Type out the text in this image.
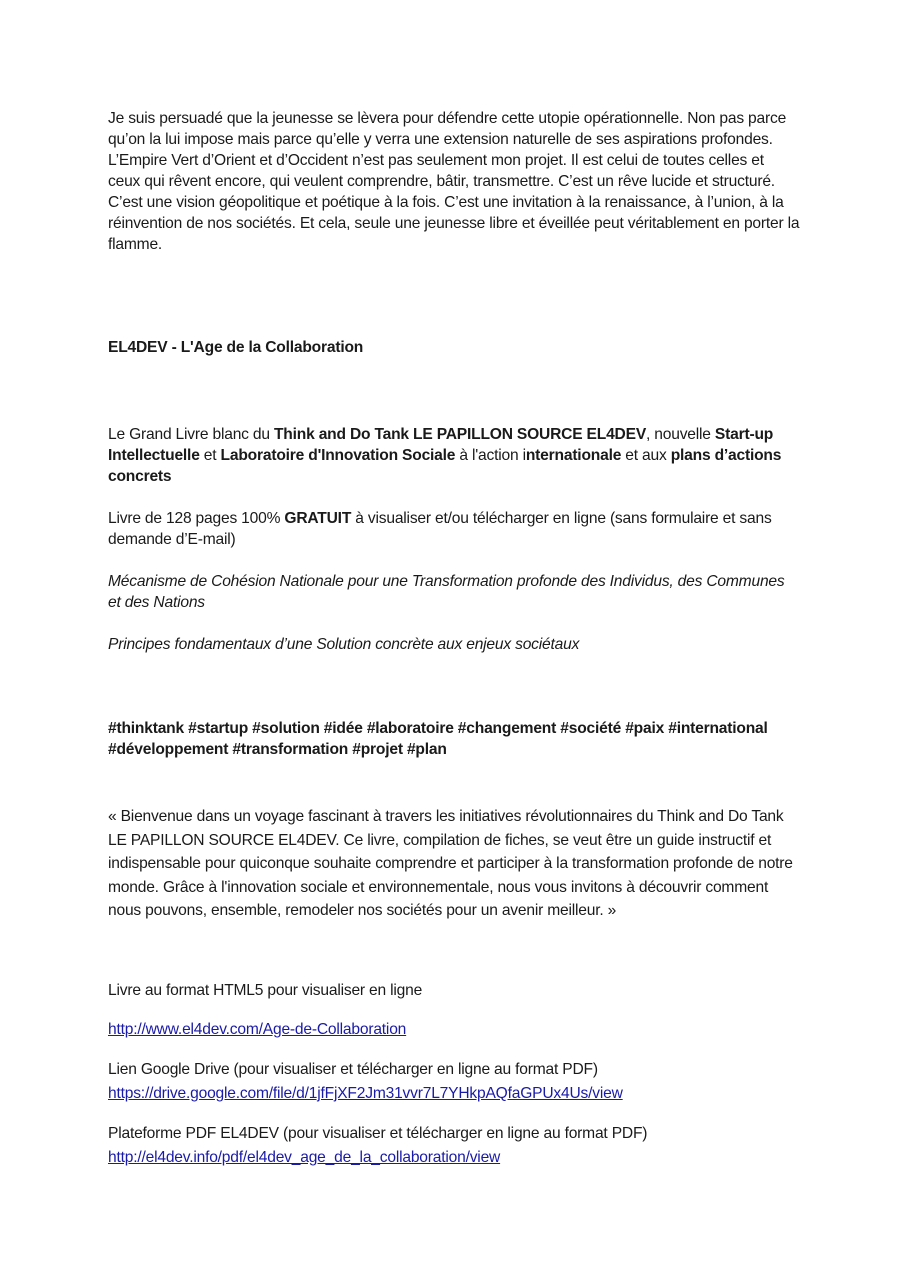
Je suis persuadé que la jeunesse se lèvera pour défendre cette utopie opérationnelle. Non pas parce qu’on la lui impose mais parce qu’elle y verra une extension naturelle de ses aspirations profondes. L’Empire Vert d’Orient et d’Occident n’est pas seulement mon projet. Il est celui de toutes celles et ceux qui rêvent encore, qui veulent comprendre, bâtir, transmettre. C’est un rêve lucide et structuré. C’est une vision géopolitique et poétique à la fois. C’est une invitation à la renaissance, à l’union, à la réinvention de nos sociétés. Et cela, seule une jeunesse libre et éveillée peut véritablement en porter la flamme.

EL4DEV - L'Age de la Collaboration

Le Grand Livre blanc du Think and Do Tank LE PAPILLON SOURCE EL4DEV, nouvelle Start-up Intellectuelle et Laboratoire d'Innovation Sociale à l'action internationale et aux plans d’actions concrets

Livre de 128 pages 100% GRATUIT à visualiser et/ou télécharger en ligne (sans formulaire et sans demande d’E-mail)

Mécanisme de Cohésion Nationale pour une Transformation profonde des Individus, des Communes et des Nations

Principes fondamentaux d’une Solution concrète aux enjeux sociétaux

#thinktank #startup #solution #idée #laboratoire #changement #société #paix #international #développement #transformation #projet #plan

« Bienvenue dans un voyage fascinant à travers les initiatives révolutionnaires du Think and Do Tank LE PAPILLON SOURCE EL4DEV. Ce livre, compilation de fiches, se veut être un guide instructif et indispensable pour quiconque souhaite comprendre et participer à la transformation profonde de notre monde. Grâce à l'innovation sociale et environnementale, nous vous invitons à découvrir comment nous pouvons, ensemble, remodeler nos sociétés pour un avenir meilleur. »

Livre au format HTML5 pour visualiser en ligne

http://www.el4dev.com/Age-de-Collaboration

Lien Google Drive (pour visualiser et télécharger en ligne au format PDF)
https://drive.google.com/file/d/1jfFjXF2Jm31vvr7L7YHkpAQfaGPUx4Us/view

Plateforme PDF EL4DEV (pour visualiser et télécharger en ligne au format PDF)
http://el4dev.info/pdf/el4dev_age_de_la_collaboration/view
